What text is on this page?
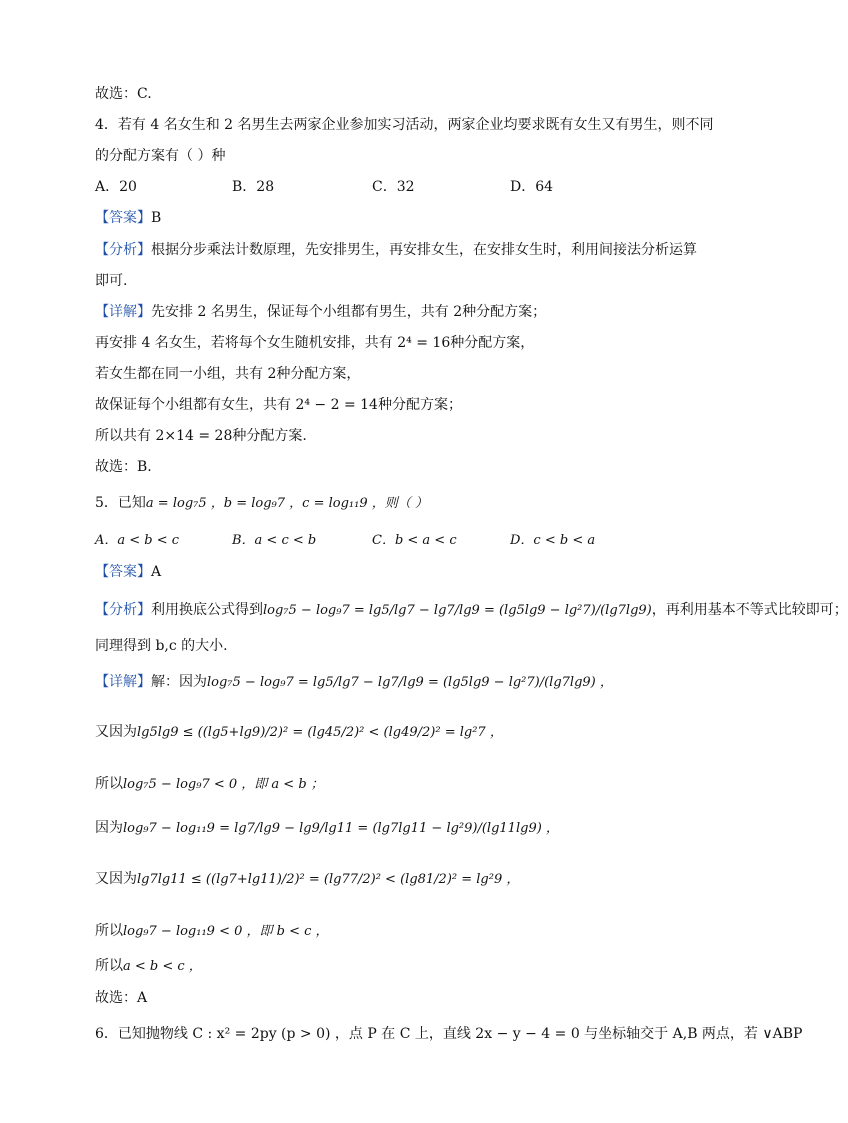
故选：C.
4．若有 4 名女生和 2 名男生去两家企业参加实习活动，两家企业均要求既有女生又有男生，则不同
的分配方案有（ ）种
A．20	B．28	C．32	D．64
【答案】B
【分析】根据分步乘法计数原理，先安排男生，再安排女生，在安排女生时，利用间接法分析运算
即可.
【详解】先安排 2 名男生，保证每个小组都有男生，共有 2种分配方案；
再安排 4 名女生，若将每个女生随机安排，共有 2⁴ = 16种分配方案，
若女生都在同一小组，共有 2种分配方案，
故保证每个小组都有女生，共有 2⁴ − 2 = 14种分配方案；
所以共有 2×14 = 28种分配方案.
故选：B.
5．已知a = log₇5 ，b = log₉7 ，c = log₁₁9 ，则（ ）
A．a < b < c	B．a < c < b	C．b < a < c	D．c < b < a
【答案】A
【分析】利用换底公式得到log₇5 − log₉7 = lg5/lg7 − lg7/lg9 = (lg5lg9 − lg²7)/(lg7lg9)，再利用基本不等式比较即可；
同理得到 b,c 的大小.
【详解】解：因为log₇5 − log₉7 = lg5/lg7 − lg7/lg9 = (lg5lg9 − lg²7)/(lg7lg9) ，
又因为lg5lg9 ≤ ((lg5+lg9)/2)² = (lg45/2)² < (lg49/2)² = lg²7 ，
所以log₇5 − log₉7 < 0 ，即 a < b ；
因为log₉7 − log₁₁9 = lg7/lg9 − lg9/lg11 = (lg7lg11 − lg²9)/(lg11lg9) ，
又因为lg7lg11 ≤ ((lg7+lg11)/2)² = (lg77/2)² < (lg81/2)² = lg²9 ，
所以log₉7 − log₁₁9 < 0 ，即 b < c ，
所以a < b < c ，
故选：A
6．已知抛物线 C : x² = 2py (p > 0) ，点 P 在 C 上，直线 2x − y − 4 = 0 与坐标轴交于 A,B 两点，若 ∨ABP
